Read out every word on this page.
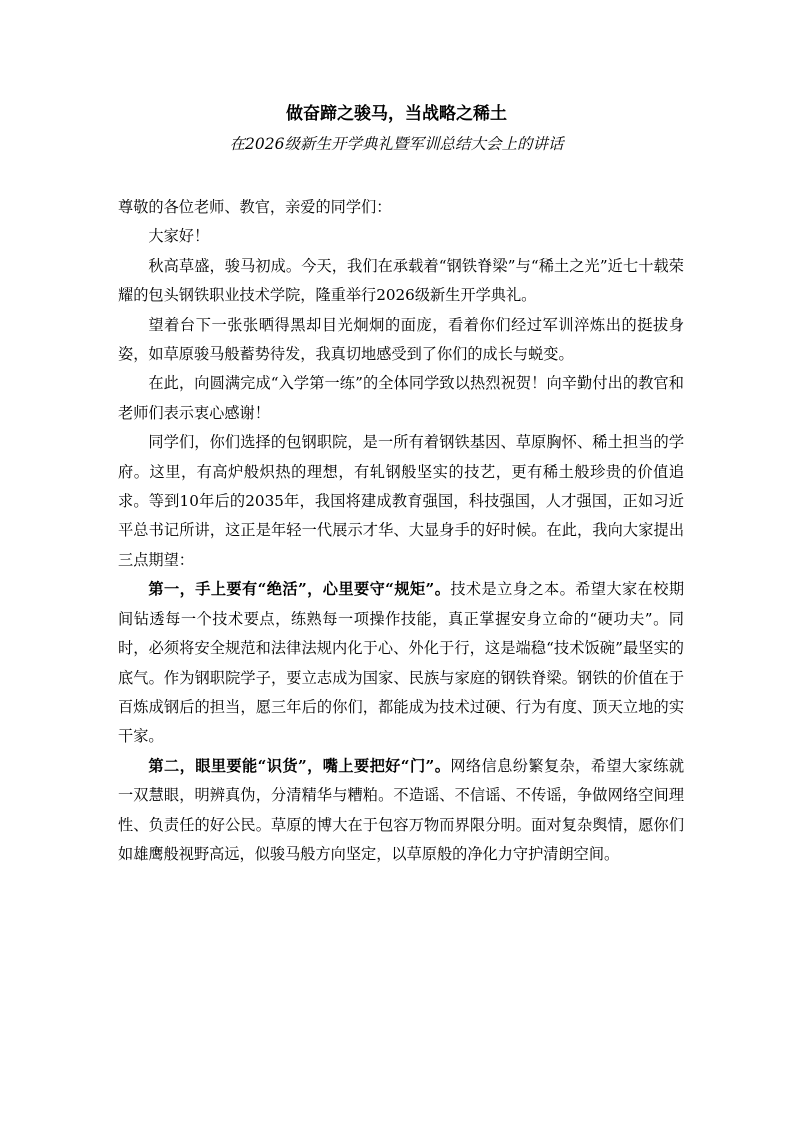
做奋蹄之骏马，当战略之稀土
在2026级新生开学典礼暨军训总结大会上的讲话

尊敬的各位老师、教官，亲爱的同学们：

大家好！

秋高草盛，骏马初成。今天，我们在承载着“钢铁脊梁”与“稀土之光”近七十载荣耀的包头钢铁职业技术学院，隆重举行2026级新生开学典礼。

望着台下一张张晒得黑却目光炯炯的面庞，看着你们经过军训淬炼出的挺拔身姿，如草原骏马般蓄势待发，我真切地感受到了你们的成长与蜕变。

在此，向圆满完成“入学第一练”的全体同学致以热烈祝贺！向辛勤付出的教官和老师们表示衷心感谢！

同学们，你们选择的包钢职院，是一所有着钢铁基因、草原胸怀、稀土担当的学府。这里，有高炉般炽热的理想，有轧钢般坚实的技艺，更有稀土般珍贵的价值追求。等到10年后的2035年，我国将建成教育强国，科技强国，人才强国，正如习近平总书记所讲，这正是年轻一代展示才华、大显身手的好时候。在此，我向大家提出三点期望：

第一，手上要有“绝活”，心里要守“规矩”。技术是立身之本。希望大家在校期间钻透每一个技术要点，练熟每一项操作技能，真正掌握安身立命的“硬功夫”。同时，必须将安全规范和法律法规内化于心、外化于行，这是端稳“技术饭碗”最坚实的底气。作为钢职院学子，要立志成为国家、民族与家庭的钢铁脊梁。钢铁的价值在于百炼成钢后的担当，愿三年后的你们，都能成为技术过硬、行为有度、顶天立地的实干家。

第二，眼里要能“识货”，嘴上要把好“门”。网络信息纷繁复杂，希望大家练就一双慧眼，明辨真伪，分清精华与糟粕。不造谣、不信谣、不传谣，争做网络空间理性、负责任的好公民。草原的博大在于包容万物而界限分明。面对复杂舆情，愿你们如雄鹰般视野高远，似骏马般方向坚定，以草原般的净化力守护清朗空间。
